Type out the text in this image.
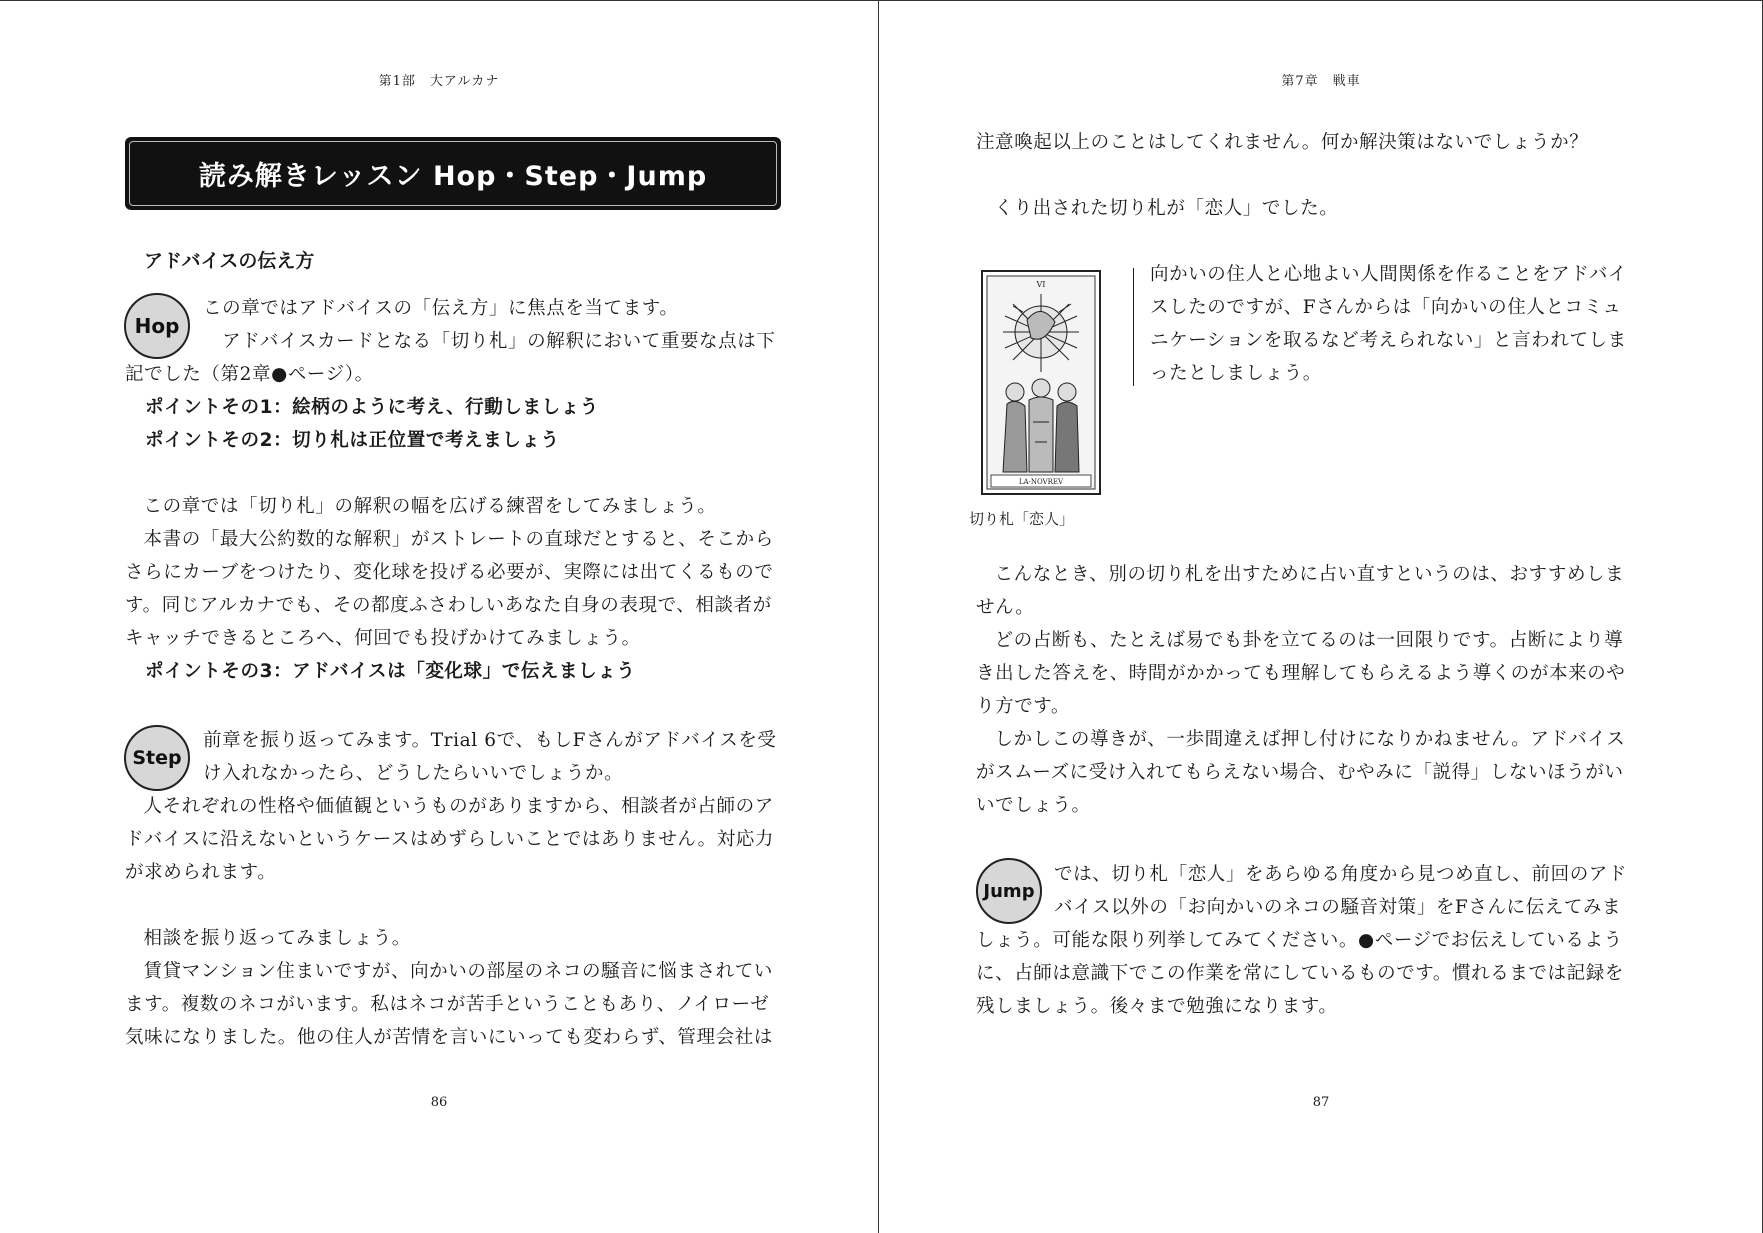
第1部　大アルカナ
読み解きレッスン Hop・Step・Jump
アドバイスの伝え方
Hop

この章ではアドバイスの「伝え方」に焦点を当てます。

　アドバイスカードとなる「切り札」の解釈において重要な点は下

記でした（第2章●ページ）。

ポイントその1：絵柄のように考え、行動しましょう

ポイントその2：切り札は正位置で考えましょう

この章では「切り札」の解釈の幅を広げる練習をしてみましょう。

本書の「最大公約数的な解釈」がストレートの直球だとすると、そこから

さらにカーブをつけたり、変化球を投げる必要が、実際には出てくるもので

す。同じアルカナでも、その都度ふさわしいあなた自身の表現で、相談者が

キャッチできるところへ、何回でも投げかけてみましょう。

ポイントその3：アドバイスは「変化球」で伝えましょう

Step

前章を振り返ってみます。Trial 6で、もしFさんがアドバイスを受

け入れなかったら、どうしたらいいでしょうか。

人それぞれの性格や価値観というものがありますから、相談者が占師のア

ドバイスに沿えないというケースはめずらしいことではありません。対応力

が求められます。

相談を振り返ってみましょう。

賃貸マンション住まいですが、向かいの部屋のネコの騒音に悩まされてい

ます。複数のネコがいます。私はネコが苦手ということもあり、ノイローゼ

気味になりました。他の住人が苦情を言いにいっても変わらず、管理会社は

86
第7章　戦車

注意喚起以上のことはしてくれません。何か解決策はないでしょうか？

くり出された切り札が「恋人」でした。

VI
LA·NOVREV
切り札「恋人」

向かいの住人と心地よい人間関係を作ることをアドバイ

スしたのですが、Fさんからは「向かいの住人とコミュ

ニケーションを取るなど考えられない」と言われてしま

ったとしましょう。

こんなとき、別の切り札を出すために占い直すというのは、おすすめしま

せん。

どの占断も、たとえば易でも卦を立てるのは一回限りです。占断により導

き出した答えを、時間がかかっても理解してもらえるよう導くのが本来のや

り方です。

しかしこの導きが、一歩間違えば押し付けになりかねません。アドバイス

がスムーズに受け入れてもらえない場合、むやみに「説得」しないほうがい

いでしょう。

Jump

では、切り札「恋人」をあらゆる角度から見つめ直し、前回のアド

バイス以外の「お向かいのネコの騒音対策」をFさんに伝えてみま

しょう。可能な限り列挙してみてください。●ページでお伝えしているよう

に、占師は意識下でこの作業を常にしているものです。慣れるまでは記録を

残しましょう。後々まで勉強になります。

87
